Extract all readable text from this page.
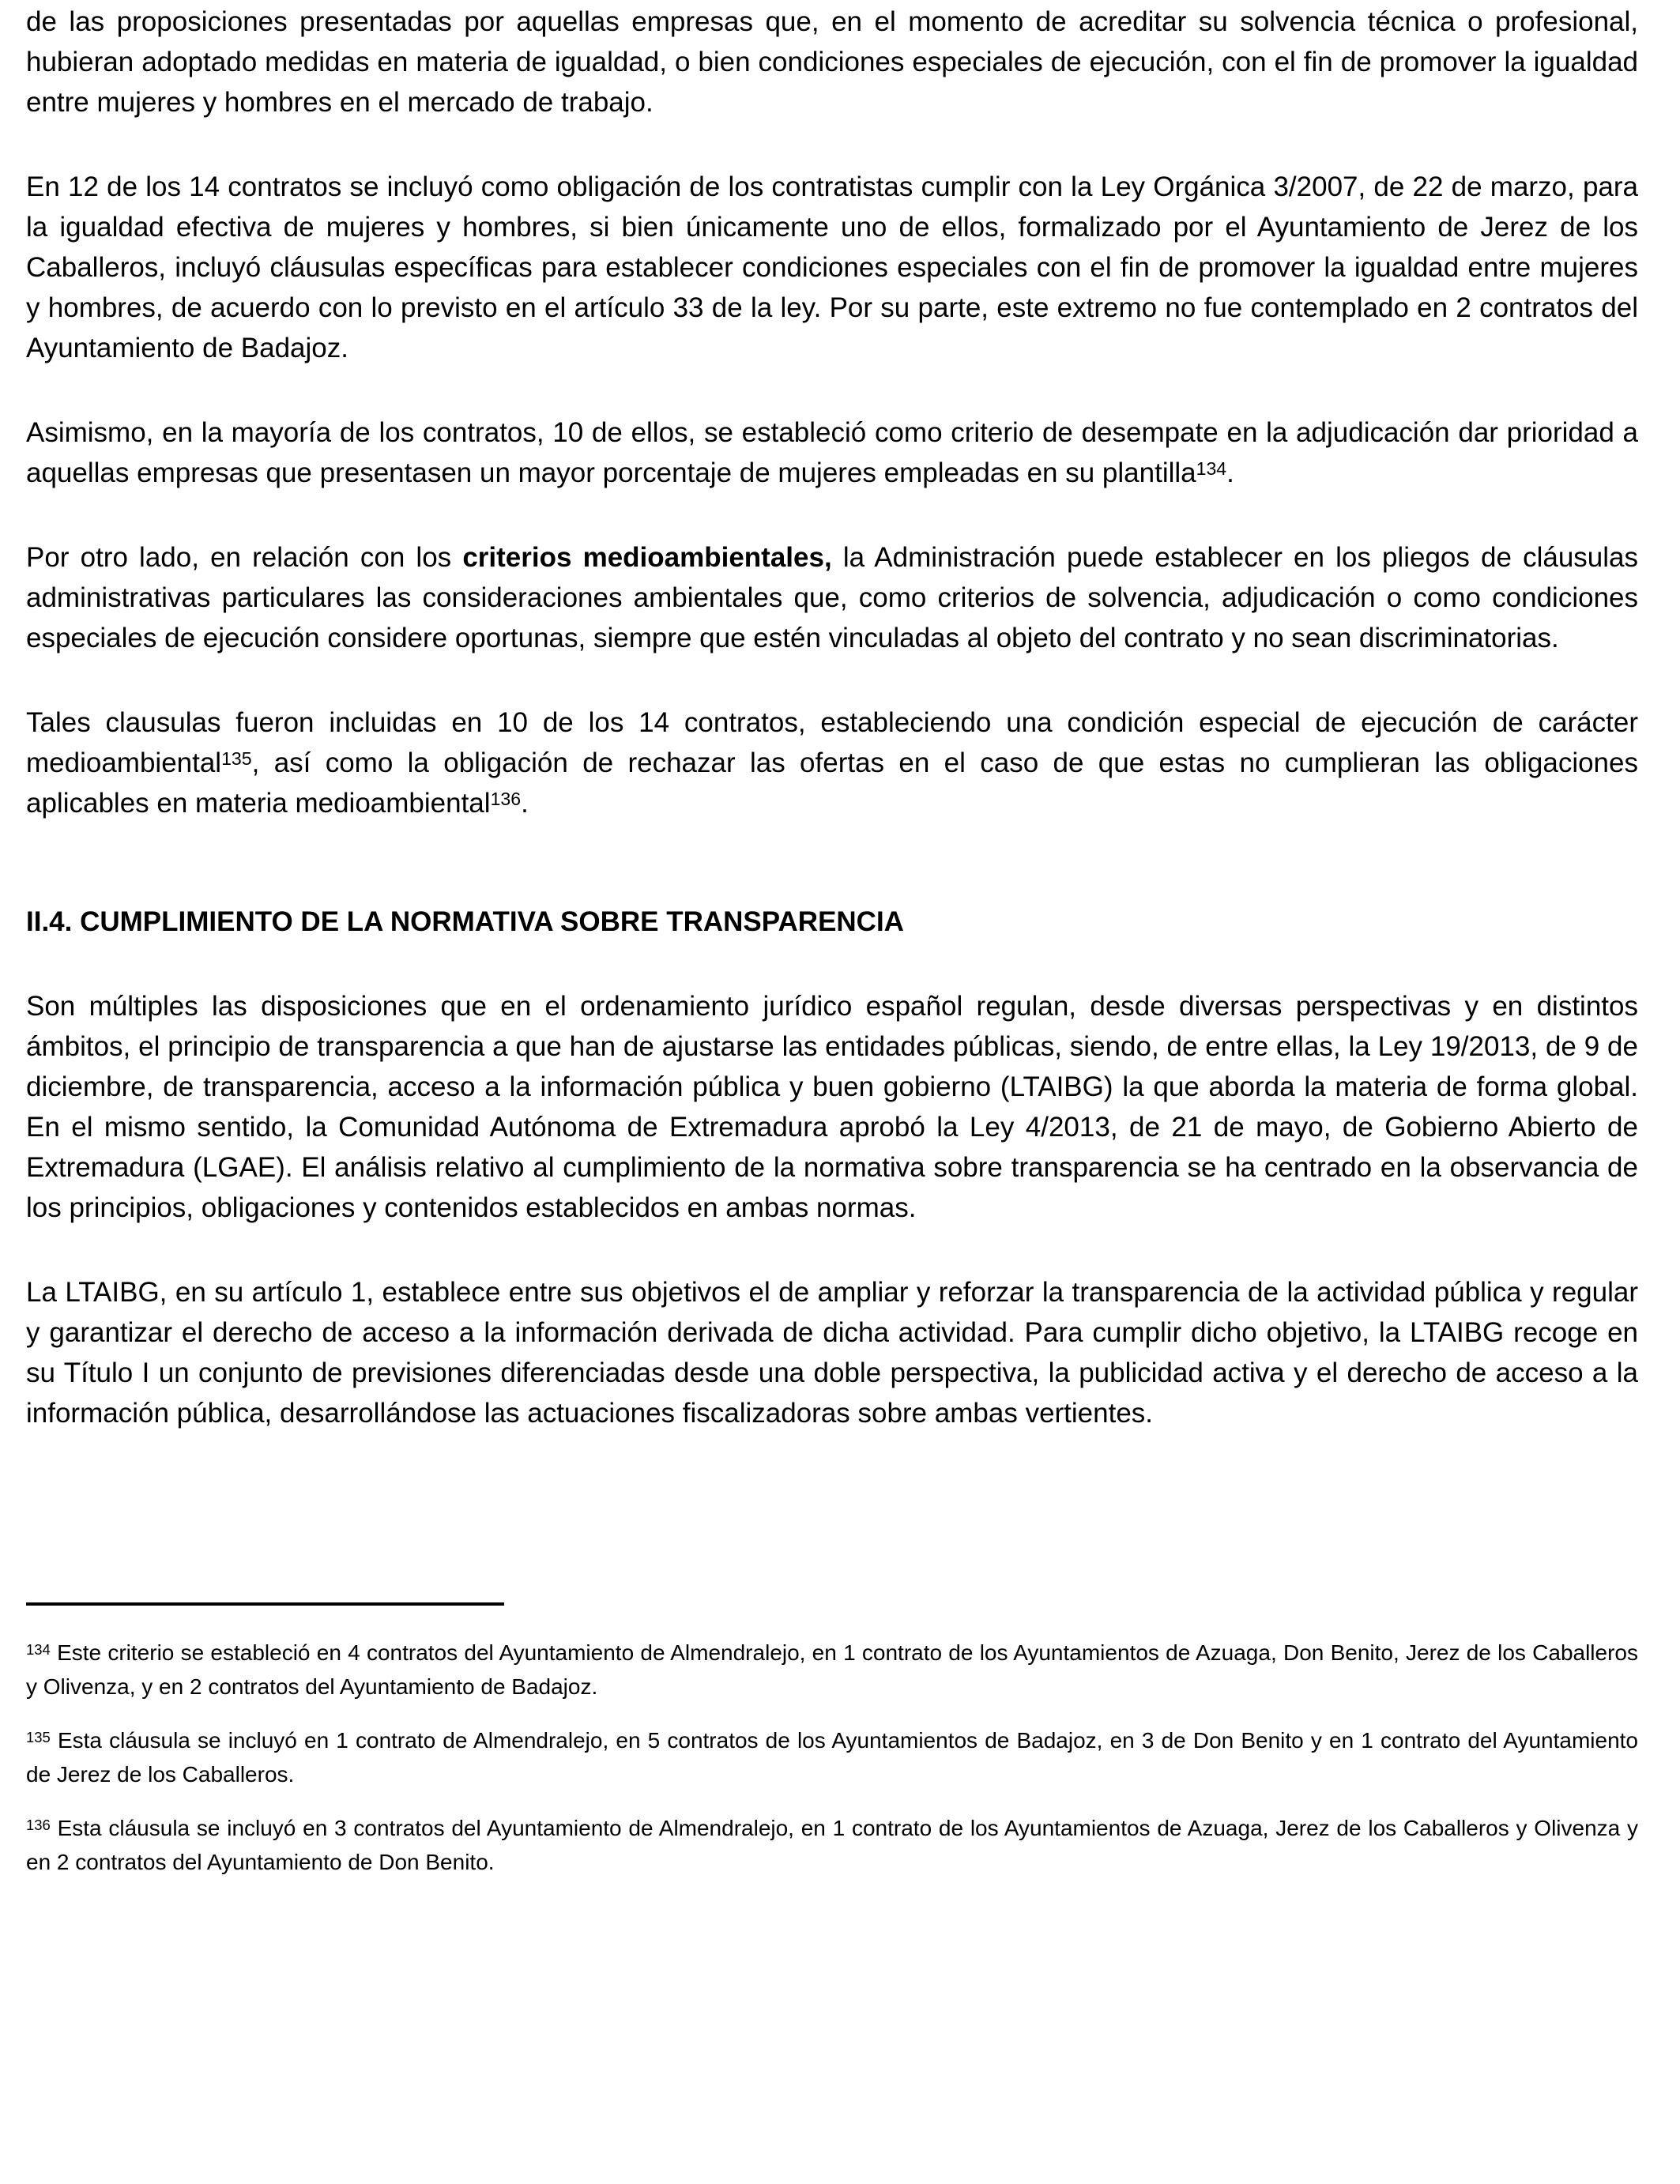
de las proposiciones presentadas por aquellas empresas que, en el momento de acreditar su solvencia técnica o profesional, hubieran adoptado medidas en materia de igualdad, o bien condiciones especiales de ejecución, con el fin de promover la igualdad entre mujeres y hombres en el mercado de trabajo.

En 12 de los 14 contratos se incluyó como obligación de los contratistas cumplir con la Ley Orgánica 3/2007, de 22 de marzo, para la igualdad efectiva de mujeres y hombres, si bien únicamente uno de ellos, formalizado por el Ayuntamiento de Jerez de los Caballeros, incluyó cláusulas específicas para establecer condiciones especiales con el fin de promover la igualdad entre mujeres y hombres, de acuerdo con lo previsto en el artículo 33 de la ley. Por su parte, este extremo no fue contemplado en 2 contratos del Ayuntamiento de Badajoz.

Asimismo, en la mayoría de los contratos, 10 de ellos, se estableció como criterio de desempate en la adjudicación dar prioridad a aquellas empresas que presentasen un mayor porcentaje de mujeres empleadas en su plantilla$^{134}$.

Por otro lado, en relación con los criterios medioambientales, la Administración puede establecer en los pliegos de cláusulas administrativas particulares las consideraciones ambientales que, como criterios de solvencia, adjudicación o como condiciones especiales de ejecución considere oportunas, siempre que estén vinculadas al objeto del contrato y no sean discriminatorias.

Tales clausulas fueron incluidas en 10 de los 14 contratos, estableciendo una condición especial de ejecución de carácter medioambiental$^{135}$, así como la obligación de rechazar las ofertas en el caso de que estas no cumplieran las obligaciones aplicables en materia medioambiental$^{136}$.

II.4. CUMPLIMIENTO DE LA NORMATIVA SOBRE TRANSPARENCIA

Son múltiples las disposiciones que en el ordenamiento jurídico español regulan, desde diversas perspectivas y en distintos ámbitos, el principio de transparencia a que han de ajustarse las entidades públicas, siendo, de entre ellas, la Ley 19/2013, de 9 de diciembre, de transparencia, acceso a la información pública y buen gobierno (LTAIBG) la que aborda la materia de forma global. En el mismo sentido, la Comunidad Autónoma de Extremadura aprobó la Ley 4/2013, de 21 de mayo, de Gobierno Abierto de Extremadura (LGAE). El análisis relativo al cumplimiento de la normativa sobre transparencia se ha centrado en la observancia de los principios, obligaciones y contenidos establecidos en ambas normas.

La LTAIBG, en su artículo 1, establece entre sus objetivos el de ampliar y reforzar la transparencia de la actividad pública y regular y garantizar el derecho de acceso a la información derivada de dicha actividad. Para cumplir dicho objetivo, la LTAIBG recoge en su Título I un conjunto de previsiones diferenciadas desde una doble perspectiva, la publicidad activa y el derecho de acceso a la información pública, desarrollándose las actuaciones fiscalizadoras sobre ambas vertientes.

$^{134}$ Este criterio se estableció en 4 contratos del Ayuntamiento de Almendralejo, en 1 contrato de los Ayuntamientos de Azuaga, Don Benito, Jerez de los Caballeros y Olivenza, y en 2 contratos del Ayuntamiento de Badajoz.

$^{135}$ Esta cláusula se incluyó en 1 contrato de Almendralejo, en 5 contratos de los Ayuntamientos de Badajoz, en 3 de Don Benito y en 1 contrato del Ayuntamiento de Jerez de los Caballeros.

$^{136}$ Esta cláusula se incluyó en 3 contratos del Ayuntamiento de Almendralejo, en 1 contrato de los Ayuntamientos de Azuaga, Jerez de los Caballeros y Olivenza y en 2 contratos del Ayuntamiento de Don Benito.
